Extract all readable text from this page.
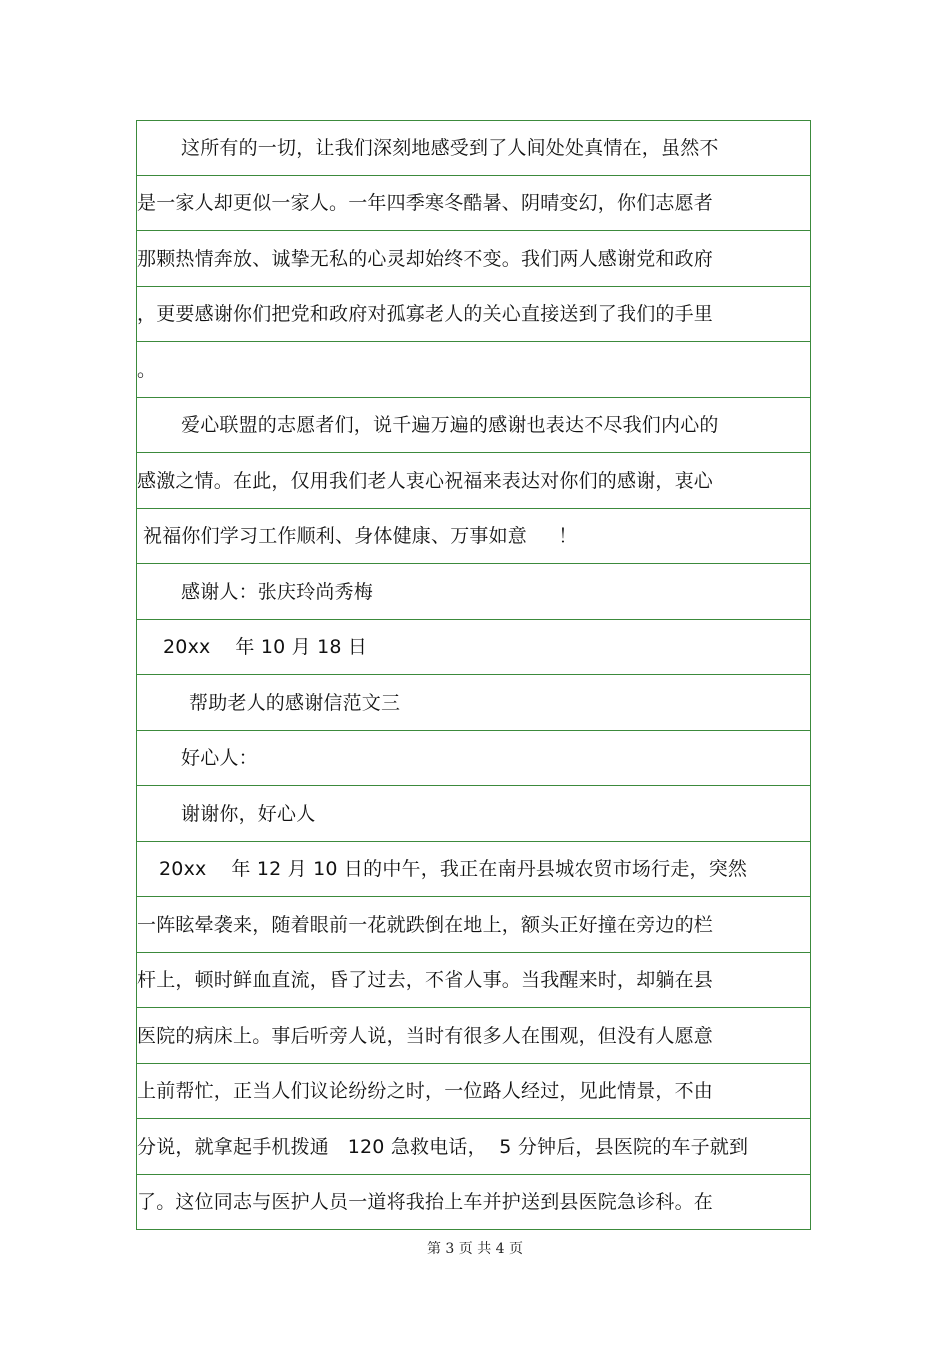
这所有的一切，让我们深刻地感受到了人间处处真情在，虽然不
是一家人却更似一家人。一年四季寒冬酷暑、阴晴变幻，你们志愿者
那颗热情奔放、诚挚无私的心灵却始终不变。我们两人感谢党和政府
，更要感谢你们把党和政府对孤寡老人的关心直接送到了我们的手里
。
爱心联盟的志愿者们，说千遍万遍的感谢也表达不尽我们内心的
感激之情。在此，仅用我们老人衷心祝福来表达对你们的感谢，衷心
祝福你们学习工作顺利、身体健康、万事如意     ！
感谢人：张庆玲尚秀梅
20xx    年 10 月 18 日
帮助老人的感谢信范文三
好心人：
谢谢你，好心人
20xx    年 12 月 10 日的中午，我正在南丹县城农贸市场行走，突然
一阵眩晕袭来，随着眼前一花就跌倒在地上，额头正好撞在旁边的栏
杆上，顿时鲜血直流，昏了过去，不省人事。当我醒来时，却躺在县
医院的病床上。事后听旁人说，当时有很多人在围观，但没有人愿意
上前帮忙，正当人们议论纷纷之时，一位路人经过，见此情景，不由
分说，就拿起手机拨通   120 急救电话，  5 分钟后，县医院的车子就到
了。这位同志与医护人员一道将我抬上车并护送到县医院急诊科。在
第 3 页 共 4 页
